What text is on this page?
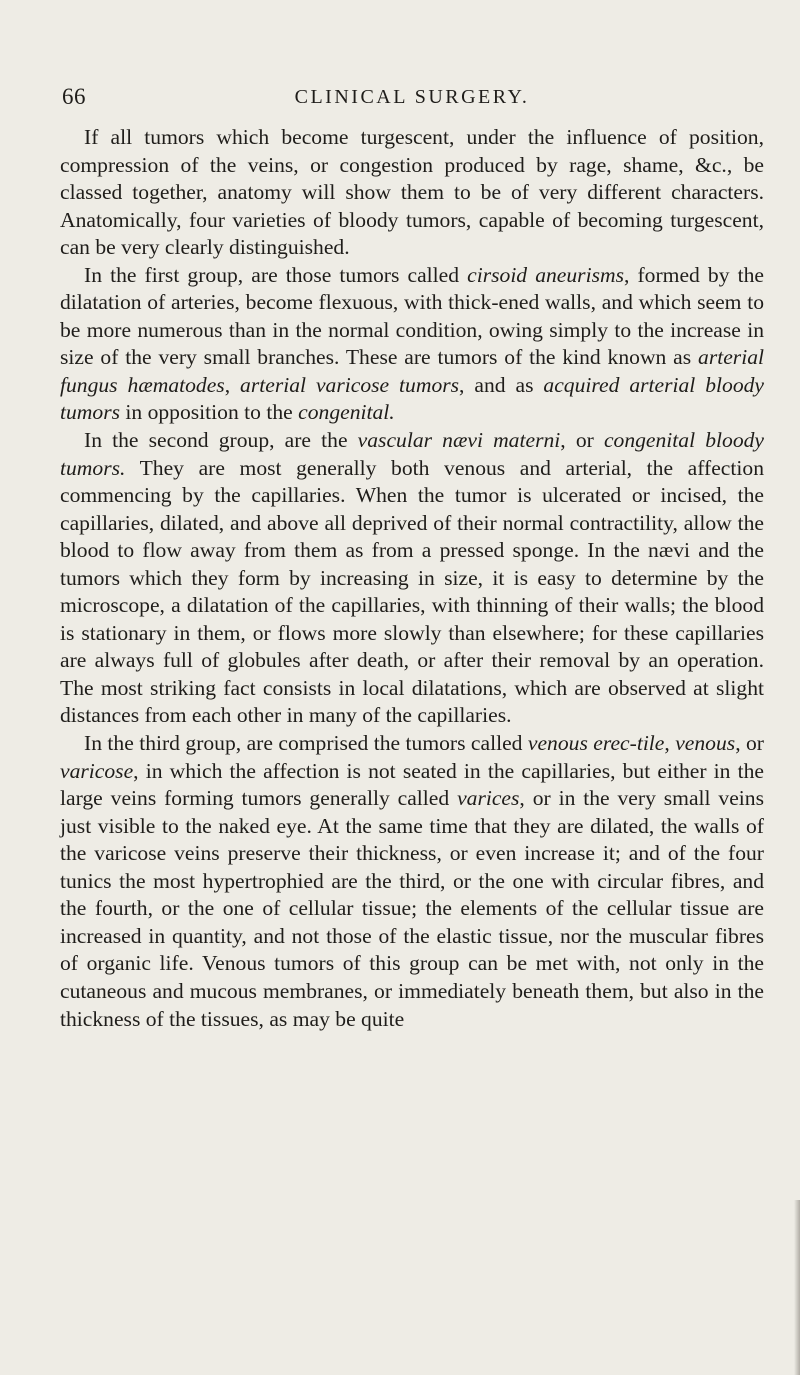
66	CLINICAL SURGERY.

If all tumors which become turgescent, under the influence of position, compression of the veins, or congestion produced by rage, shame, &c., be classed together, anatomy will show them to be of very different characters. Anatomically, four varieties of bloody tumors, capable of becoming turgescent, can be very clearly distinguished.

In the first group, are those tumors called cirsoid aneurisms, formed by the dilatation of arteries, become flexuous, with thick-ened walls, and which seem to be more numerous than in the normal condition, owing simply to the increase in size of the very small branches. These are tumors of the kind known as arterial fungus hæmatodes, arterial varicose tumors, and as acquired arterial bloody tumors in opposition to the congenital.

In the second group, are the vascular nævi materni, or congenital bloody tumors. They are most generally both venous and arterial, the affection commencing by the capillaries. When the tumor is ulcerated or incised, the capillaries, dilated, and above all deprived of their normal contractility, allow the blood to flow away from them as from a pressed sponge. In the nævi and the tumors which they form by increasing in size, it is easy to determine by the microscope, a dilatation of the capillaries, with thinning of their walls; the blood is stationary in them, or flows more slowly than elsewhere; for these capillaries are always full of globules after death, or after their removal by an operation. The most striking fact consists in local dilatations, which are observed at slight distances from each other in many of the capillaries.

In the third group, are comprised the tumors called venous erec-tile, venous, or varicose, in which the affection is not seated in the capillaries, but either in the large veins forming tumors generally called varices, or in the very small veins just visible to the naked eye. At the same time that they are dilated, the walls of the varicose veins preserve their thickness, or even increase it; and of the four tunics the most hypertrophied are the third, or the one with circular fibres, and the fourth, or the one of cellular tissue; the elements of the cellular tissue are increased in quantity, and not those of the elastic tissue, nor the muscular fibres of organic life. Venous tumors of this group can be met with, not only in the cutaneous and mucous membranes, or immediately beneath them, but also in the thickness of the tissues, as may be quite
